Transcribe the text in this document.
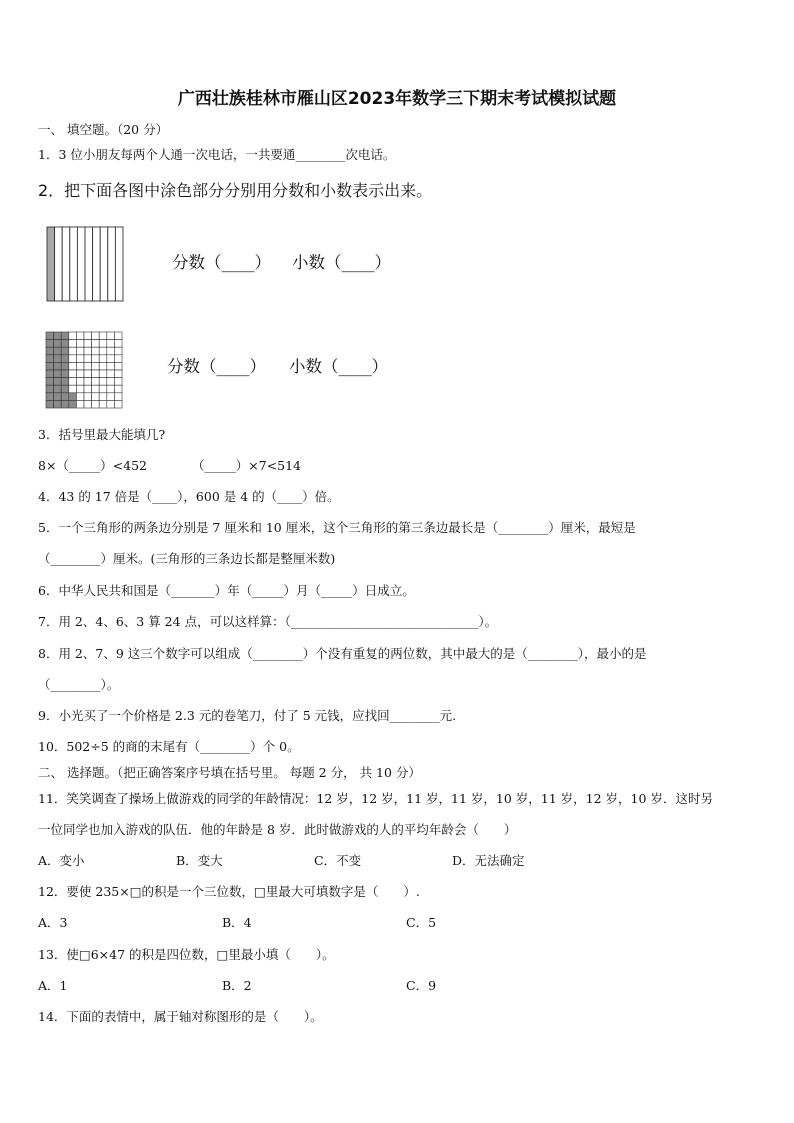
广西壮族桂林市雁山区2023年数学三下期末考试模拟试题
一、 填空题。（20 分）
1．3 位小朋友每两个人通一次电话，一共要通________次电话。
2．把下面各图中涂色部分分别用分数和小数表示出来。
分数（____） 小数（____）
分数（____） 小数（____）
3．括号里最大能填几?
8×（_____）<452	（_____）×7<514
4．43 的 17 倍是（____），600 是 4 的（____）倍。
5．一个三角形的两条边分别是 7 厘米和 10 厘米，这个三角形的第三条边最长是（________）厘米，最短是
（________）厘米。(三角形的三条边长都是整厘米数)
6．中华人民共和国是（_______）年（_____）月（_____）日成立。
7．用 2、4、6、3 算 24 点，可以这样算：（______________________________）。
8．用 2、7、9 这三个数字可以组成（________）个没有重复的两位数，其中最大的是（________），最小的是
（________）。
9．小光买了一个价格是 2.3 元的卷笔刀，付了 5 元钱，应找回________元.
10．502÷5 的商的末尾有（________）个 0。
二、 选择题。（把正确答案序号填在括号里。 每题 2 分， 共 10 分）
11．笑笑调查了操场上做游戏的同学的年龄情况：12 岁，12 岁，11 岁，11 岁，10 岁，11 岁，12 岁，10 岁．这时另
一位同学也加入游戏的队伍．他的年龄是 8 岁．此时做游戏的人的平均年龄会（　　）
A．变小	B．变大	C．不变	D．无法确定
12．要使 235×□的积是一个三位数，□里最大可填数字是（　　）.
A．3	B．4	C．5
13．使□6×47 的积是四位数，□里最小填（　　）。
A．1	B．2	C．9
14．下面的表情中，属于轴对称图形的是（　　）。
